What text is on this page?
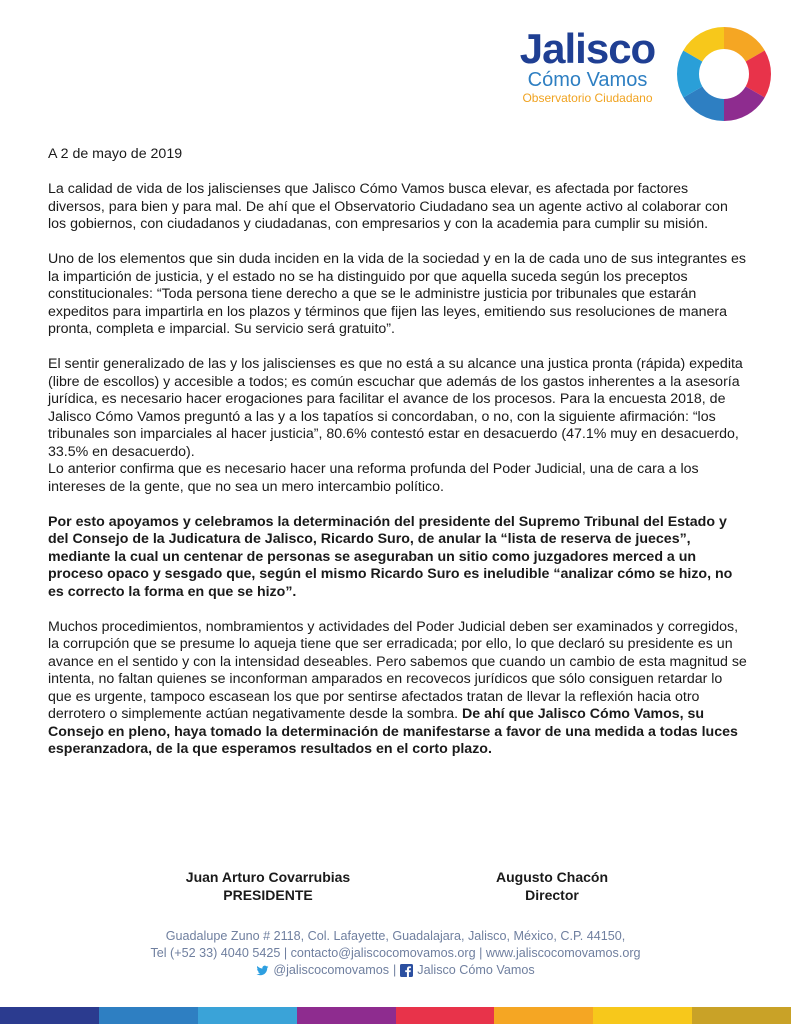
Jalisco
Cómo Vamos
Observatorio Ciudadano
A 2 de mayo de 2019

La calidad de vida de los jaliscienses que Jalisco Cómo Vamos busca elevar, es afectada por factores diversos, para bien y para mal. De ahí que el Observatorio Ciudadano sea un agente activo al colaborar con los gobiernos, con ciudadanos y ciudadanas, con empresarios y con la academia para cumplir su misión.

Uno de los elementos que sin duda inciden en la vida de la sociedad y en la de cada uno de sus integrantes es la impartición de justicia, y el estado no se ha distinguido por que aquella suceda según los preceptos constitucionales: “Toda persona tiene derecho a que se le administre justicia por tribunales que estarán expeditos para impartirla en los plazos y términos que fijen las leyes, emitiendo sus resoluciones de manera pronta, completa e imparcial. Su servicio será gratuito”.

El sentir generalizado de las y los jaliscienses es que no está a su alcance una justica pronta (rápida) expedita (libre de escollos) y accesible a todos; es común escuchar que además de los gastos inherentes a la asesoría jurídica, es necesario hacer erogaciones para facilitar el avance de los procesos. Para la encuesta 2018, de Jalisco Cómo Vamos preguntó a las y a los tapatíos si concordaban, o no, con la siguiente afirmación: “los tribunales son imparciales al hacer justicia”, 80.6% contestó estar en desacuerdo (47.1% muy en desacuerdo, 33.5% en desacuerdo).

Lo anterior confirma que es necesario hacer una reforma profunda del Poder Judicial, una de cara a los intereses de la gente, que no sea un mero intercambio político.

Por esto apoyamos y celebramos la determinación del presidente del Supremo Tribunal del Estado y del Consejo de la Judicatura de Jalisco, Ricardo Suro, de anular la “lista de reserva de jueces”, mediante la cual un centenar de personas se aseguraban un sitio como juzgadores merced a un proceso opaco y sesgado que, según el mismo Ricardo Suro es ineludible “analizar cómo se hizo, no es correcto la forma en que se hizo”.

Muchos procedimientos, nombramientos y actividades del Poder Judicial deben ser examinados y corregidos, la corrupción que se presume lo aqueja tiene que ser erradicada; por ello, lo que declaró su presidente es un avance en el sentido y con la intensidad deseables. Pero sabemos que cuando un cambio de esta magnitud se intenta, no faltan quienes se inconforman amparados en recovecos jurídicos que sólo consiguen retardar lo que es urgente, tampoco escasean los que por sentirse afectados tratan de llevar la reflexión hacia otro derrotero o simplemente actúan negativamente desde la sombra. De ahí que Jalisco Cómo Vamos, su Consejo en pleno, haya tomado la determinación de manifestarse a favor de una medida a todas luces esperanzadora, de la que esperamos resultados en el corto plazo.

Juan Arturo Covarrubias
PRESIDENTE
Augusto Chacón
Director
Guadalupe Zuno # 2118, Col. Lafayette, Guadalajara, Jalisco, México, C.P. 44150,
Tel (+52 33) 4040 5425 | contacto@jaliscocomovamos.org | www.jaliscocomovamos.org
@jaliscocomovamos | Jalisco Cómo Vamos
